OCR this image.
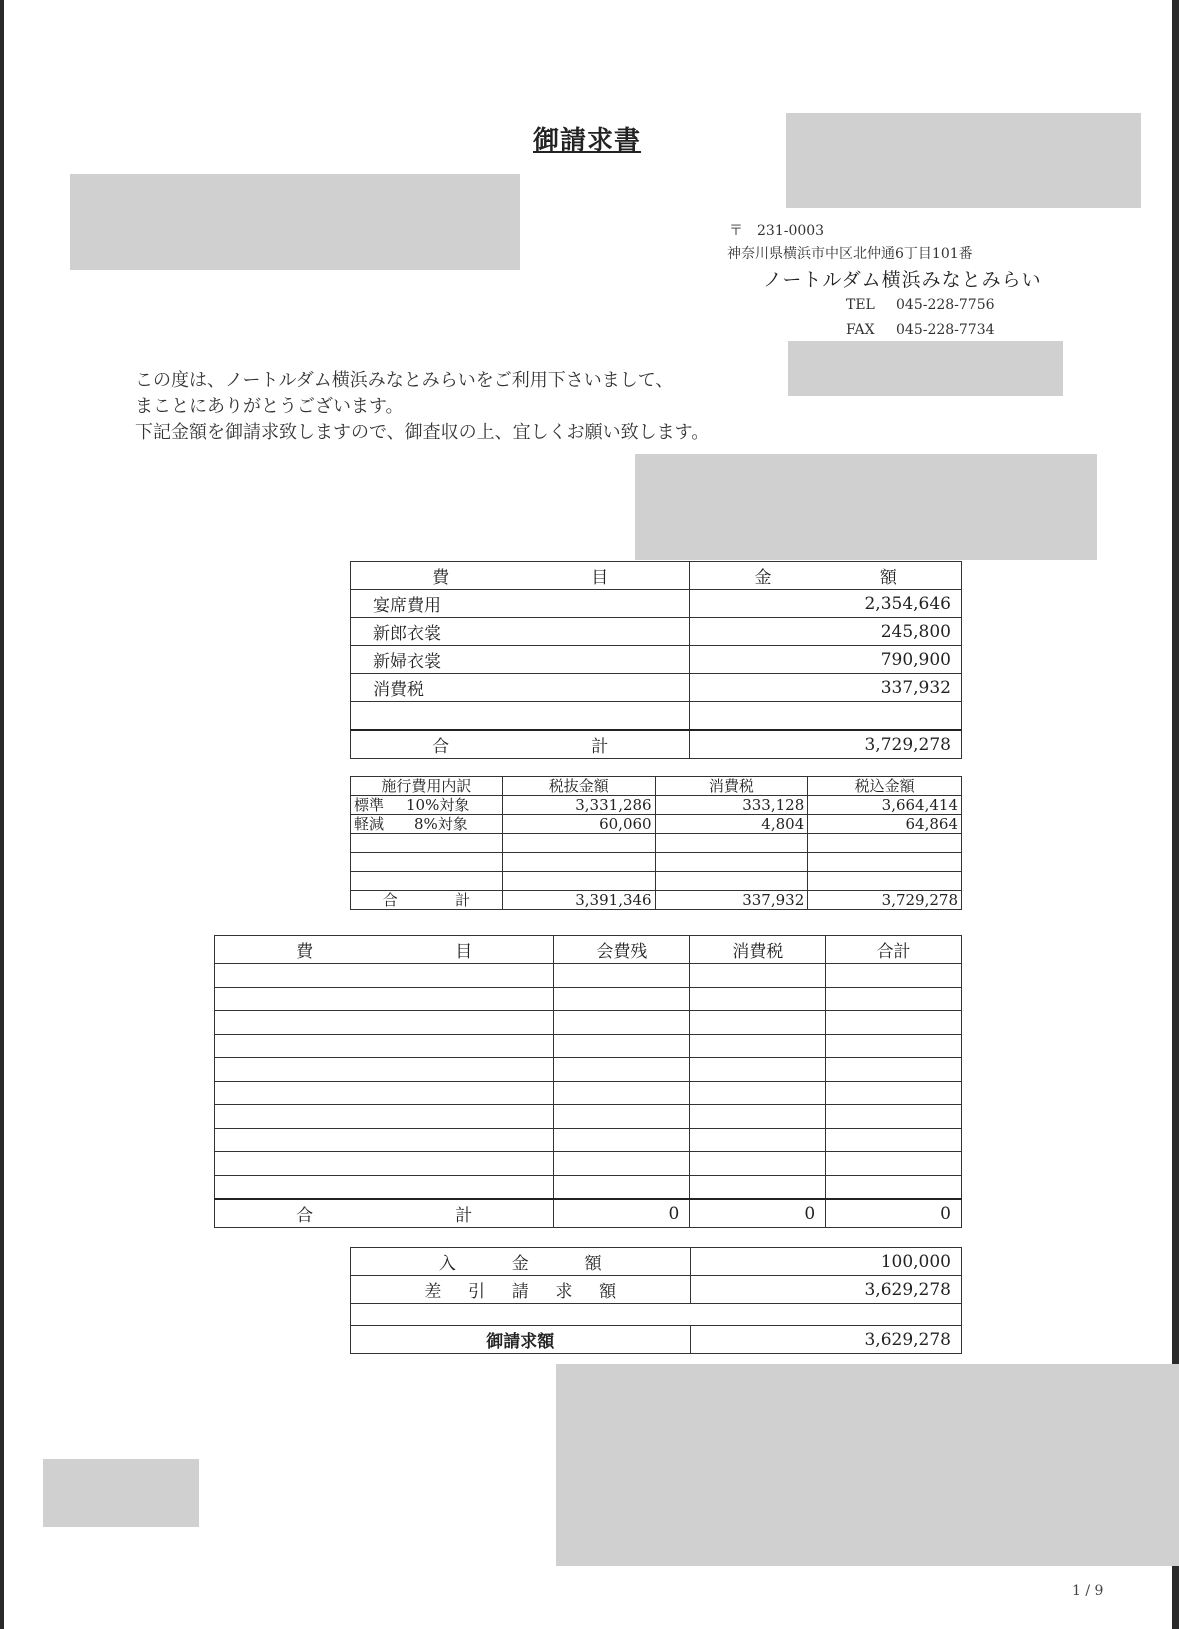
御請求書
〒　231-0003
神奈川県横浜市中区北仲通6丁目101番
ノートルダム横浜みなとみらい
TEL 045-228-7756
FAX 045-228-7734
この度は、ノートルダム横浜みなとみらいをご利用下さいまして、
まことにありがとうございます。
下記金額を御請求致しますので、御査収の上、宜しくお願い致します。
費 目	金 額

宴席費用	2,354,646
新郎衣裳	245,800
新婦衣裳	790,900
消費税	337,932

合 計	3,729,278
施行費用内訳	税抜金額	消費税	税込金額
標準 10%対象	3,331,286	333,128	3,664,414
軽減 8%対象	60,060	4,804	64,864

合 計	3,391,346	337,932	3,729,278
費 目	会費残	消費税	合計

合 計	0	0	0
入 金 額	100,000

差 引 請 求 額	3,629,278

御請求額	3,629,278
1 / 9
